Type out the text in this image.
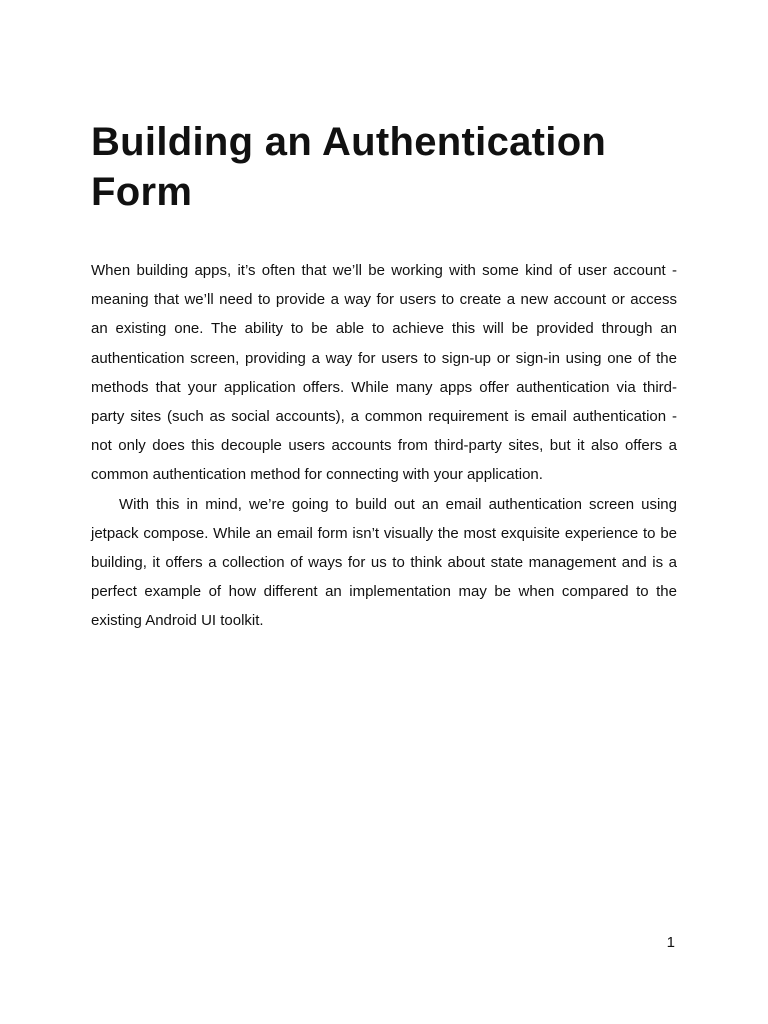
Building an Authentication Form

When building apps, it’s often that we’ll be working with some kind of user account - meaning that we’ll need to provide a way for users to create a new account or access an existing one. The ability to be able to achieve this will be provided through an authentication screen, providing a way for users to sign-up or sign-in using one of the methods that your application offers. While many apps offer authentication via third-party sites (such as social accounts), a common requirement is email authentication - not only does this decouple users accounts from third-party sites, but it also offers a common authentication method for connecting with your application.

With this in mind, we’re going to build out an email authentication screen using jetpack compose. While an email form isn’t visually the most exquisite experience to be building, it offers a collection of ways for us to think about state management and is a perfect example of how different an implementation may be when compared to the existing Android UI toolkit.

1
